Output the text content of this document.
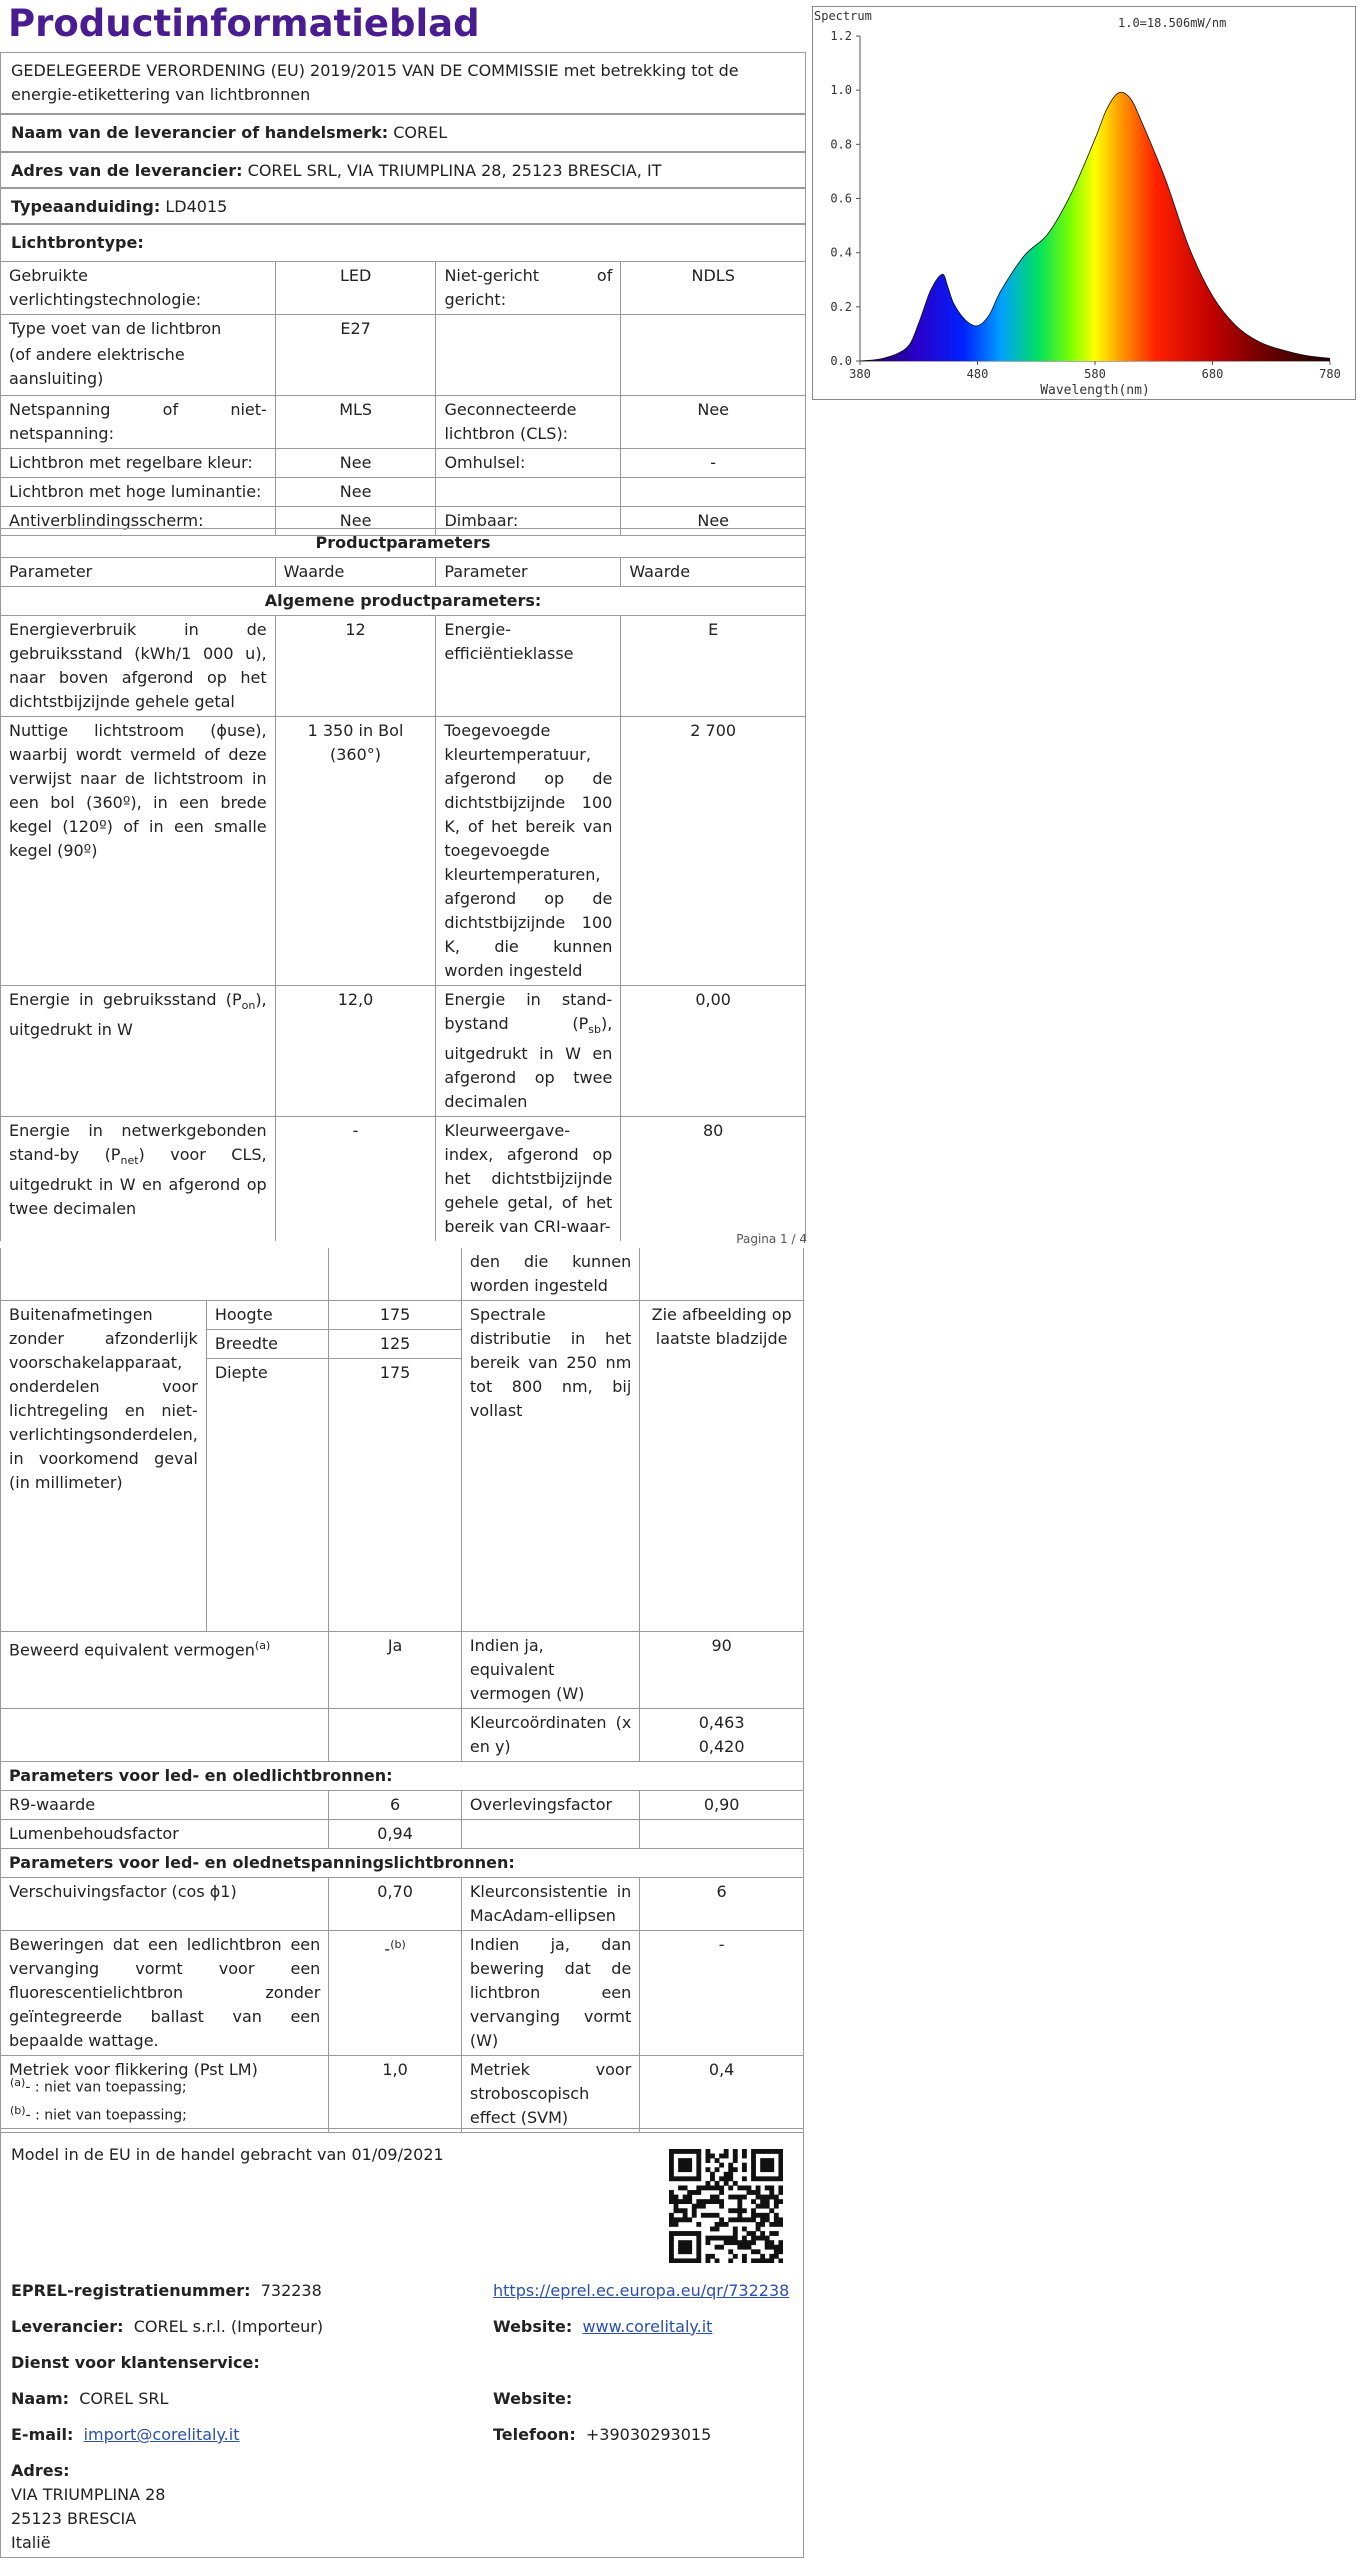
Productinformatieblad
GEDELEGEERDE VERORDENING (EU) 2019/2015 VAN DE COMMISSIE met betrekking tot de energie-etikettering van lichtbronnen
Naam van de leverancier of handelsmerk: COREL
Adres van de leverancier: COREL SRL, VIA TRIUMPLINA 28, 25123 BRESCIA, IT
Typeaanduiding: LD4015
Lichtbrontype:
Gebruikte verlichtingstechnologie:	LED	Niet-gericht of gericht:	NDLS

Type voet van de lichtbron
(of andere elektrische aansluiting)	E27		
Netspanning of niet-netspanning:	MLS	Geconnecteerde lichtbron (CLS):	Nee
Lichtbron met regelbare kleur:	Nee	Omhulsel:	-
Lichtbron met hoge luminantie:	Nee		
Antiverblindingsscherm:	Nee	Dimbaar:	Nee
Productparameters			
Parameter	Waarde	Parameter	Waarde
Algemene productparameters:			
Energieverbruik in de gebruiksstand (kWh/1 000 u), naar boven afgerond op het dichtstbijzijnde gehele getal	12	Energie-efficiëntieklasse	E
Nuttige lichtstroom (ϕuse), waarbij wordt vermeld of deze verwijst naar de lichtstroom in een bol (360º), in een brede kegel (120º) of in een smalle kegel (90º)	1 350 in Bol (360°)	Toegevoegde kleurtemperatuur, afgerond op de dichtstbijzijnde 100 K, of het bereik van toegevoegde kleurtemperaturen, afgerond op de dichtstbijzijnde 100 K, die kunnen worden ingesteld	2 700
Energie in gebruiksstand $(P_{on})$, uitgedrukt in W	12,0	Energie in stand-bystand $(P_{sb})$, uitgedrukt in W en afgerond op twee decimalen	0,00
Energie in netwerkgebonden stand-by $(P_{net})$ voor CLS, uitgedrukt in W en afgerond op twee decimalen	-	Kleurweergave-index, afgerond op het dichtstbijzijnde gehele getal, of het bereik van CRI-waar-	80
0.0
0.2
0.4
0.6
0.8
1.0
1.2
380	480	580	680	780
Spectrum	1.0=18.506mW/nm
Wavelength(nm)
Pagina 1 / 4
			den die kunnen worden ingesteld	
Buitenafmetingen zonder afzonderlijk voorschakelapparaat, onderdelen voor lichtregeling en niet-verlichtingsonderdelen, in voorkomend geval (in millimeter)	Hoogte	175	Spectrale distributie in het bereik van 250 nm tot 800 nm, bij vollast	Zie afbeelding op laatste bladzijde
	Breedte	125		
	Diepte	175		

Beweerd equivalent vermogen$^{(a)}$		Ja	Indien ja, equivalent vermogen (W)	90
			Kleurcoördinaten (x en y)	0,463
0,420

Parameters voor led- en oledlichtbronnen:				
R9-waarde		6	Overlevingsfactor	0,90
Lumenbehoudsfactor		0,94		
Parameters voor led- en olednetspanningslichtbronnen:				
Verschuivingsfactor (cos ϕ1)		0,70	Kleurconsistentie in MacAdam-ellipsen	6
Beweringen dat een ledlichtbron een vervanging vormt voor een fluorescentielichtbron zonder geïntegreerde ballast van een bepaalde wattage.		-$^{(b)}$	Indien ja, dan bewering dat de lichtbron een vervanging vormt (W)	-
Metriek voor flikkering (Pst LM)		1,0	Metriek voor stroboscopisch effect (SVM)	0,4
$^{(a)}$- : niet van toepassing;
$^{(b)}$- : niet van toepassing;
Model in de EU in de handel gebracht van 01/09/2021
EPREL-registratienummer: 732238	https://eprel.ec.europa.eu/qr/732238
Leverancier: COREL s.r.l. (Importeur)	Website: www.corelitaly.it
Dienst voor klantenservice:
Naam: COREL SRL	Website:
E-mail: import@corelitaly.it	Telefoon: +39030293015
Adres:
VIA TRIUMPLINA 28
25123 BRESCIA
Italië
